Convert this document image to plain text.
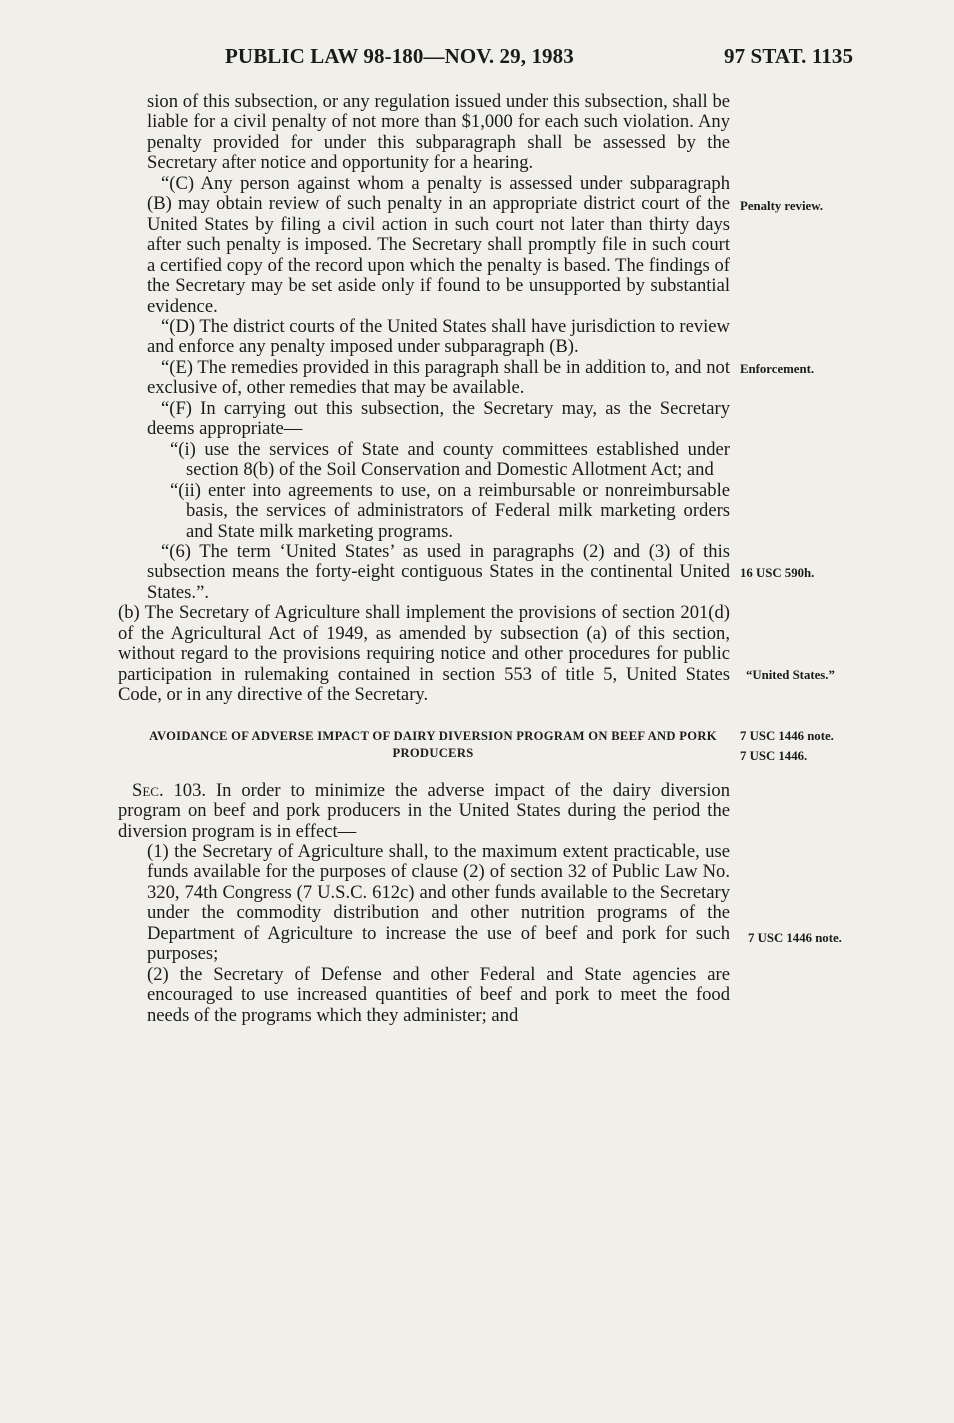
PUBLIC LAW 98-180—NOV. 29, 1983	97 STAT. 1135

sion of this subsection, or any regulation issued under this subsection, shall be liable for a civil penalty of not more than $1,000 for each such violation. Any penalty provided for under this subparagraph shall be assessed by the Secretary after notice and opportunity for a hearing.

“(C) Any person against whom a penalty is assessed under subparagraph (B) may obtain review of such penalty in an appropriate district court of the United States by filing a civil action in such court not later than thirty days after such penalty is imposed. The Secretary shall promptly file in such court a certified copy of the record upon which the penalty is based. The findings of the Secretary may be set aside only if found to be unsupported by substantial evidence.

“(D) The district courts of the United States shall have jurisdiction to review and enforce any penalty imposed under subparagraph (B).

“(E) The remedies provided in this paragraph shall be in addition to, and not exclusive of, other remedies that may be available.

“(F) In carrying out this subsection, the Secretary may, as the Secretary deems appropriate—

“(i) use the services of State and county committees established under section 8(b) of the Soil Conservation and Domestic Allotment Act; and

“(ii) enter into agreements to use, on a reimbursable or nonreimbursable basis, the services of administrators of Federal milk marketing orders and State milk marketing programs.

“(6) The term ‘United States’ as used in paragraphs (2) and (3) of this subsection means the forty-eight contiguous States in the continental United States.”.

(b) The Secretary of Agriculture shall implement the provisions of section 201(d) of the Agricultural Act of 1949, as amended by subsection (a) of this section, without regard to the provisions requiring notice and other procedures for public participation in rulemaking contained in section 553 of title 5, United States Code, or in any directive of the Secretary.

AVOIDANCE OF ADVERSE IMPACT OF DAIRY DIVERSION PROGRAM ON BEEF AND PORK PRODUCERS

Sec. 103. In order to minimize the adverse impact of the dairy diversion program on beef and pork producers in the United States during the period the diversion program is in effect—

(1) the Secretary of Agriculture shall, to the maximum extent practicable, use funds available for the purposes of clause (2) of section 32 of Public Law No. 320, 74th Congress (7 U.S.C. 612c) and other funds available to the Secretary under the commodity distribution and other nutrition programs of the Department of Agriculture to increase the use of beef and pork for such purposes;

(2) the Secretary of Defense and other Federal and State agencies are encouraged to use increased quantities of beef and pork to meet the food needs of the programs which they administer; and

Penalty review.
Enforcement.
16 USC 590h.
“United States.”
7 USC 1446 note.
7 USC 1446.
7 USC 1446 note.
